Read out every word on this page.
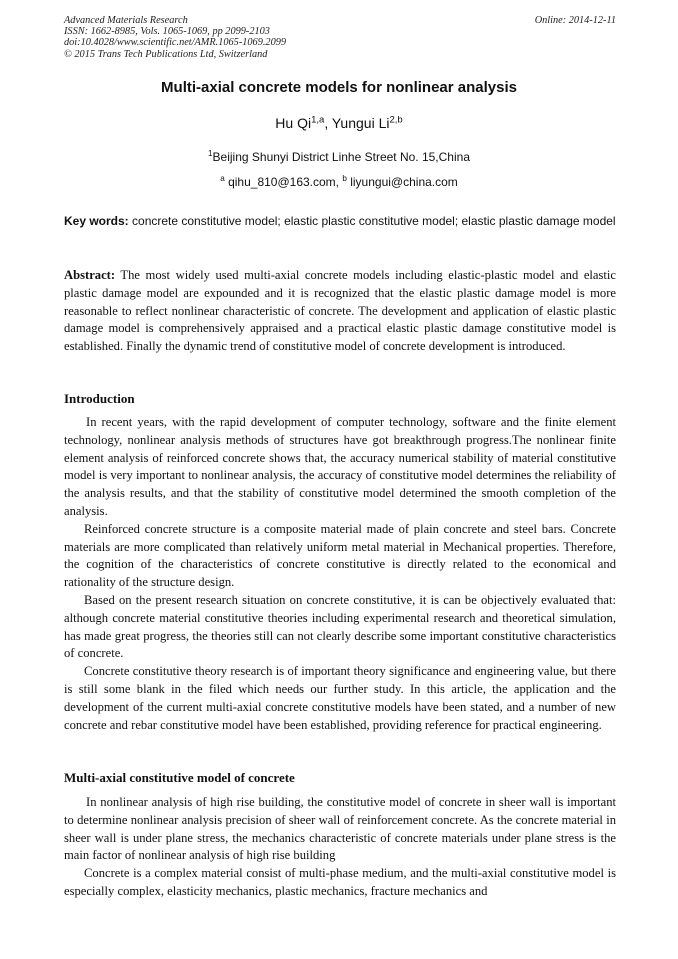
Advanced Materials Research
ISSN: 1662-8985, Vols. 1065-1069, pp 2099-2103
doi:10.4028/www.scientific.net/AMR.1065-1069.2099
© 2015 Trans Tech Publications Ltd, Switzerland
Online: 2014-12-11
Multi-axial concrete models for nonlinear analysis
Hu Qi$^{1,a}$, Yungui Li$^{2,b}$
$^1$Beijing Shunyi District Linhe Street No. 15,China
$^a$ qihu_810@163.com, $^b$ liyungui@china.com
Key words: concrete constitutive model; elastic plastic constitutive model; elastic plastic damage model
Abstract: The most widely used multi-axial concrete models including elastic-plastic model and elastic plastic damage model are expounded and it is recognized that the elastic plastic damage model is more reasonable to reflect nonlinear characteristic of concrete. The development and application of elastic plastic damage model is comprehensively appraised and a practical elastic plastic damage constitutive model is established. Finally the dynamic trend of constitutive model of concrete development is introduced.
Introduction

In recent years, with the rapid development of computer technology, software and the finite element technology, nonlinear analysis methods of structures have got breakthrough progress.The nonlinear finite element analysis of reinforced concrete shows that, the accuracy numerical stability of material constitutive model is very important to nonlinear analysis, the accuracy of constitutive model determines the reliability of the analysis results, and that the stability of constitutive model determined the smooth completion of the analysis.

Reinforced concrete structure is a composite material made of plain concrete and steel bars. Concrete materials are more complicated than relatively uniform metal material in Mechanical properties. Therefore, the cognition of the characteristics of concrete constitutive is directly related to the economical and rationality of the structure design.

Based on the present research situation on concrete constitutive, it is can be objectively evaluated that: although concrete material constitutive theories including experimental research and theoretical simulation, has made great progress, the theories still can not clearly describe some important constitutive characteristics of concrete.

Concrete constitutive theory research is of important theory significance and engineering value, but there is still some blank in the filed which needs our further study. In this article, the application and the development of the current multi-axial concrete constitutive models have been stated, and a number of new concrete and rebar constitutive model have been established, providing reference for practical engineering.

Multi-axial constitutive model of concrete

In nonlinear analysis of high rise building, the constitutive model of concrete in sheer wall is important to determine nonlinear analysis precision of sheer wall of reinforcement concrete. As the concrete material in sheer wall is under plane stress, the mechanics characteristic of concrete materials under plane stress is the main factor of nonlinear analysis of high rise building

Concrete is a complex material consist of multi-phase medium, and the multi-axial constitutive model is especially complex, elasticity mechanics, plastic mechanics, fracture mechanics and
